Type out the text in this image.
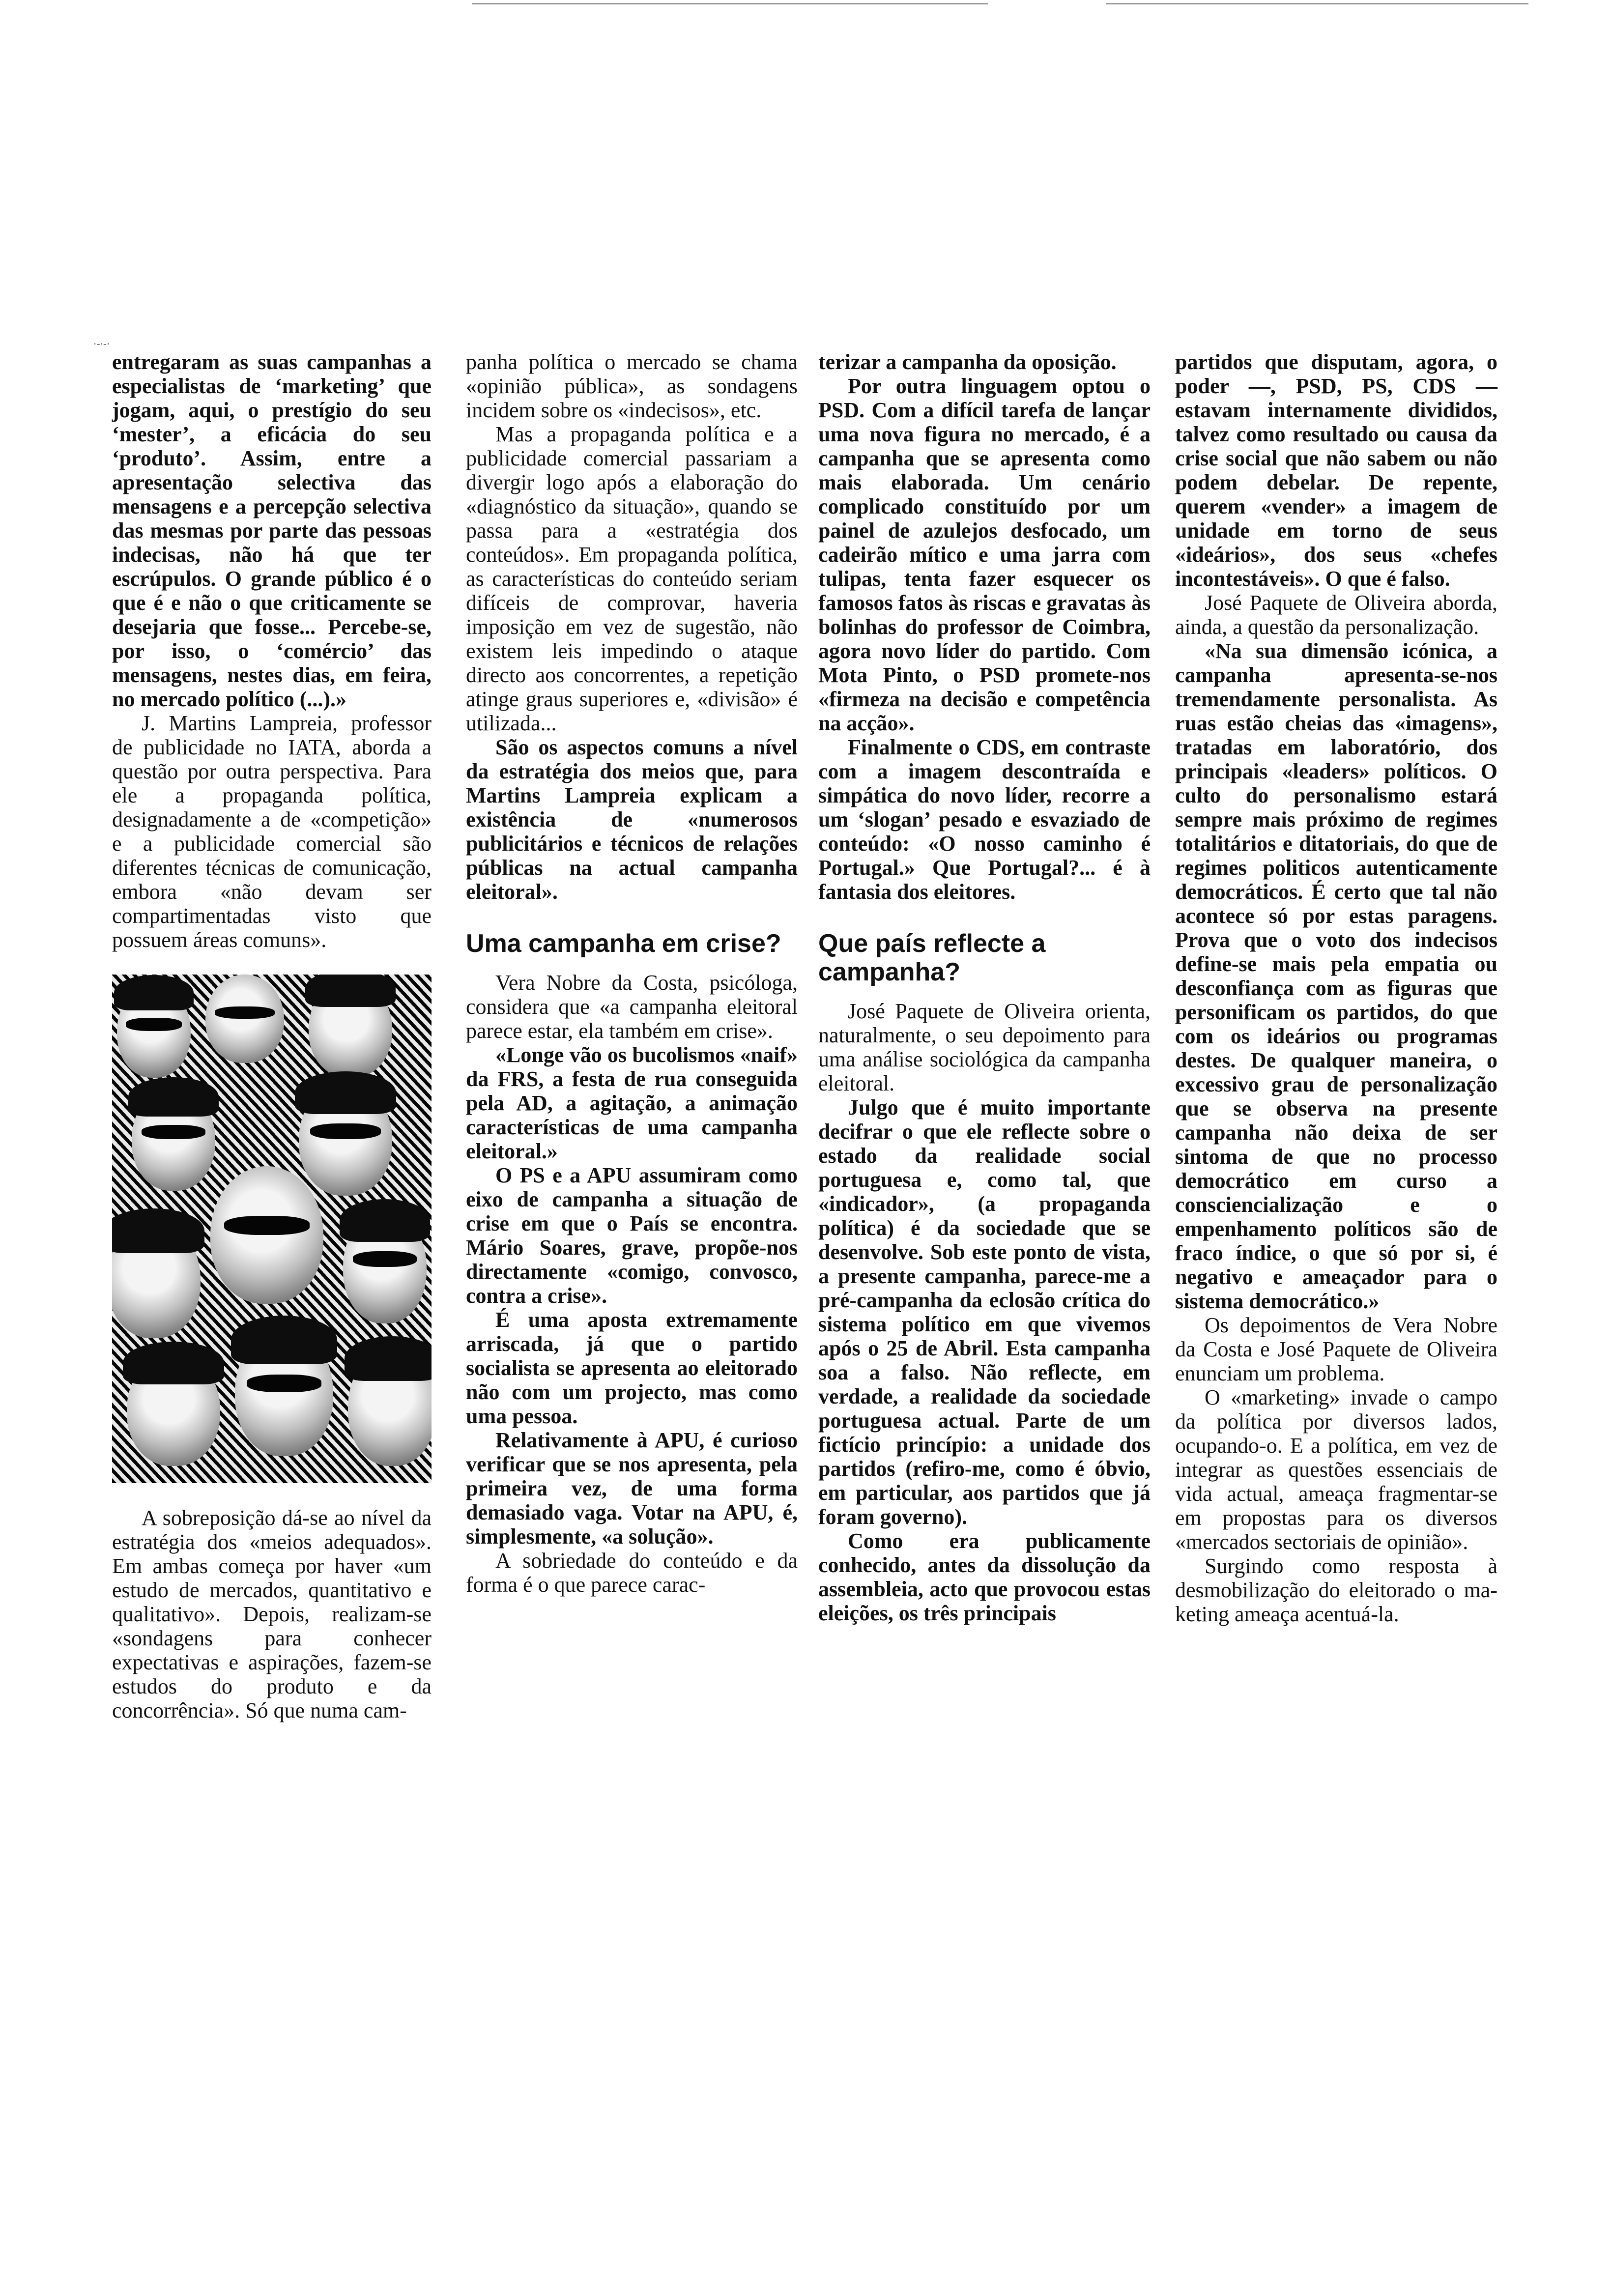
·-·-·

entregaram as suas campanhas a especialistas de ‘marketing’ que jogam, aqui, o prestígio do seu ‘mester’, a eficácia do seu ‘produto’. Assim, entre a apresentação selectiva das mensagens e a percepção selectiva das mesmas por parte das pessoas indecisas, não há que ter escrúpulos. O grande público é o que é e não o que criticamente se desejaria que fosse... Percebe-se, por isso, o ‘comércio’ das mensagens, nestes dias, em feira, no mercado político (...).»

J. Martins Lampreia, professor de publicidade no IATA, aborda a questão por outra perspectiva. Para ele a propaganda política, designadamente a de «competição» e a publicidade comercial são diferentes técnicas de comunicação, embora «não devam ser compartimentadas visto que possuem áreas comuns».

A sobreposição dá-se ao nível da estratégia dos «meios adequados». Em ambas começa por haver «um estudo de mercados, quantitativo e qualitativo». Depois, realizam-se «sondagens para conhecer expectativas e aspirações, fazem-se estudos do produto e da concorrência». Só que numa cam-

panha política o mercado se chama «opinião pública», as sondagens incidem sobre os «indecisos», etc.

Mas a propaganda política e a publicidade comercial passariam a divergir logo após a elaboração do «diagnóstico da situação», quando se passa para a «estratégia dos conteúdos». Em propaganda política, as características do conteúdo seriam difíceis de comprovar, haveria imposição em vez de sugestão, não existem leis impedindo o ataque directo aos concorrentes, a repetição atinge graus superiores e, «divisão» é utilizada...

São os aspectos comuns a nível da estratégia dos meios que, para Martins Lampreia explicam a existência de «numerosos publicitários e técnicos de relações públicas na actual campanha eleitoral».

Uma campanha em crise?

Vera Nobre da Costa, psicóloga, considera que «a campanha eleitoral parece estar, ela também em crise».

«Longe vão os bucolismos «naif» da FRS, a festa de rua conseguida pela AD, a agitação, a animação características de uma campanha eleitoral.»

O PS e a APU assumiram como eixo de campanha a situação de crise em que o País se encontra. Mário Soares, grave, propõe-nos directamente «comigo, convosco, contra a crise».

É uma aposta extremamente arriscada, já que o partido socialista se apresenta ao eleitorado não com um projecto, mas como uma pessoa.

Relativamente à APU, é curioso verificar que se nos apresenta, pela primeira vez, de uma forma demasiado vaga. Votar na APU, é, simplesmente, «a solução».

A sobriedade do conteúdo e da forma é o que parece carac-

terizar a campanha da oposição.

Por outra linguagem optou o PSD. Com a difícil tarefa de lançar uma nova figura no mercado, é a campanha que se apresenta como mais elaborada. Um cenário complicado constituído por um painel de azulejos desfocado, um cadeirão mítico e uma jarra com tulipas, tenta fazer esquecer os famosos fatos às riscas e gravatas às bolinhas do professor de Coimbra, agora novo líder do partido. Com Mota Pinto, o PSD promete-nos «firmeza na decisão e competência na acção».

Finalmente o CDS, em contraste com a imagem descontraída e simpática do novo líder, recorre a um ‘slogan’ pesado e esvaziado de conteúdo: «O nosso caminho é Portugal.» Que Portugal?... é à fantasia dos eleitores.

Que país reflecte a campanha?

José Paquete de Oliveira orienta, naturalmente, o seu depoimento para uma análise sociológica da campanha eleitoral.

Julgo que é muito importante decifrar o que ele reflecte sobre o estado da realidade social portuguesa e, como tal, que «indicador», (a propaganda política) é da sociedade que se desenvolve. Sob este ponto de vista, a presente campanha, parece-me a pré-campanha da eclosão crítica do sistema político em que vivemos após o 25 de Abril. Esta campanha soa a falso. Não reflecte, em verdade, a realidade da sociedade portuguesa actual. Parte de um fictício princípio: a unidade dos partidos (refiro-me, como é óbvio, em particular, aos partidos que já foram governo).

Como era publicamente conhecido, antes da dissolução da assembleia, acto que provocou estas eleições, os três principais

partidos que disputam, agora, o poder —, PSD, PS, CDS — estavam internamente divididos, talvez como resultado ou causa da crise social que não sabem ou não podem debelar. De repente, querem «vender» a imagem de unidade em torno de seus «ideários», dos seus «chefes incontestáveis». O que é falso.

José Paquete de Oliveira aborda, ainda, a questão da personalização.

«Na sua dimensão icónica, a campanha apresenta-se-nos tremendamente personalista. As ruas estão cheias das «imagens», tratadas em laboratório, dos principais «leaders» políticos. O culto do personalismo estará sempre mais próximo de regimes totalitários e ditatoriais, do que de regimes politicos autenticamente democráticos. É certo que tal não acontece só por estas paragens. Prova que o voto dos indecisos define-se mais pela empatia ou desconfiança com as figuras que personificam os partidos, do que com os ideários ou programas destes. De qualquer maneira, o excessivo grau de personalização que se observa na presente campanha não deixa de ser sintoma de que no processo democrático em curso a consciencialização e o empenhamento políticos são de fraco índice, o que só por si, é negativo e ameaçador para o sistema democrático.»

Os depoimentos de Vera Nobre da Costa e José Paquete de Oliveira enunciam um problema.

O «marketing» invade o campo da política por diversos lados, ocupando-o. E a política, em vez de integrar as questões essenciais de vida actual, ameaça fragmentar-se em propostas para os diversos «mercados sectoriais de opinião».

Surgindo como resposta à desmobilização do eleitorado o ma-keting ameaça acentuá-la.
